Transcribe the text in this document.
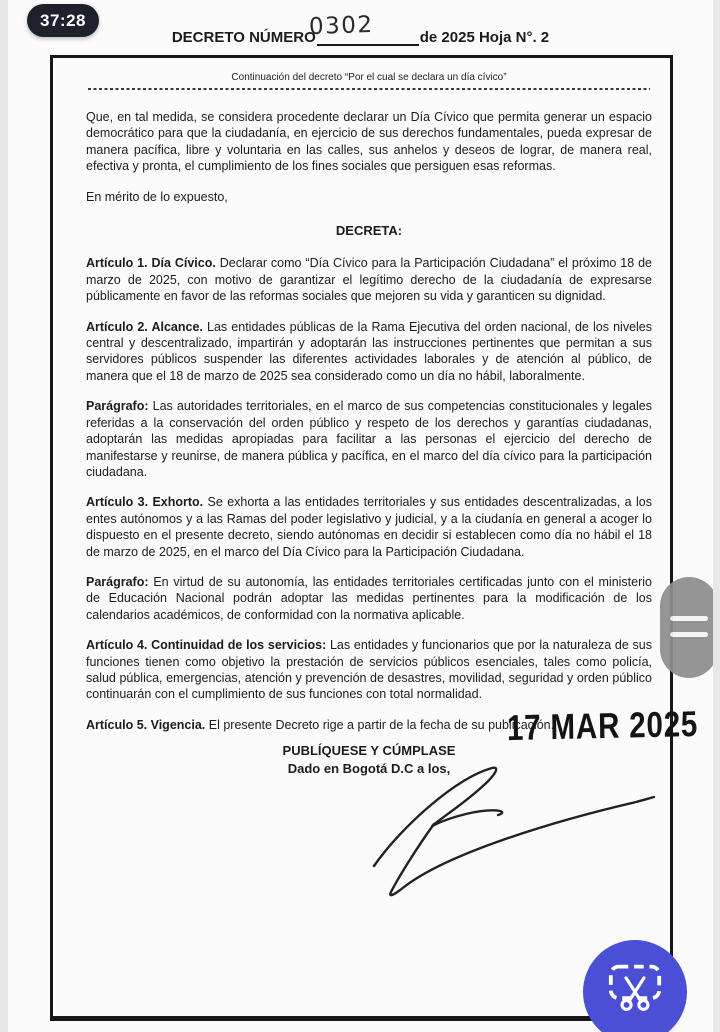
37:28
DECRETO NÚMERO
0302	de 2025 Hoja N°. 2
Continuación del decreto “Por el cual se declara un día cívico”

Que, en tal medida, se considera procedente declarar un Día Cívico que permita generar un espacio democrático para que la ciudadanía, en ejercicio de sus derechos fundamentales, pueda expresar de manera pacífica, libre y voluntaria en las calles, sus anhelos y deseos de lograr, de manera real, efectiva y pronta, el cumplimiento de los fines sociales que persiguen esas reformas.

En mérito de lo expuesto,

DECRETA:

Artículo 1. Día Cívico. Declarar como “Día Cívico para la Participación Ciudadana” el próximo 18 de marzo de 2025, con motivo de garantizar el legítimo derecho de la ciudadanía de expresarse públicamente en favor de las reformas sociales que mejoren su vida y garanticen su dignidad.

Artículo 2. Alcance. Las entidades públicas de la Rama Ejecutiva del orden nacional, de los niveles central y descentralizado, impartirán y adoptarán las instrucciones pertinentes que permitan a sus servidores públicos suspender las diferentes actividades laborales y de atención al público, de manera que el 18 de marzo de 2025 sea considerado como un día no hábil, laboralmente.

Parágrafo: Las autoridades territoriales, en el marco de sus competencias constitucionales y legales referidas a la conservación del orden público y respeto de los derechos y garantías ciudadanas, adoptarán las medidas apropiadas para facilitar a las personas el ejercicio del derecho de manifestarse y reunirse, de manera pública y pacífica, en el marco del día cívico para la participación ciudadana.

Artículo 3. Exhorto. Se exhorta a las entidades territoriales y sus entidades descentralizadas, a los entes autónomos y a las Ramas del poder legislativo y judicial, y a la ciudanía en general a acoger lo dispuesto en el presente decreto, siendo autónomas en decidir si establecen como día no hábil el 18 de marzo de 2025, en el marco del Día Cívico para la Participación Ciudadana.

Parágrafo: En virtud de su autonomía, las entidades territoriales certificadas junto con el ministerio de Educación Nacional podrán adoptar las medidas pertinentes para la modificación de los calendarios académicos, de conformidad con la normativa aplicable.

Artículo 4. Continuidad de los servicios: Las entidades y funcionarios que por la naturaleza de sus funciones tienen como objetivo la prestación de servicios públicos esenciales, tales como policía, salud pública, emergencias, atención y prevención de desastres, movilidad, seguridad y orden público continuarán con el cumplimiento de sus funciones con total normalidad.

Artículo 5. Vigencia. El presente Decreto rige a partir de la fecha de su publicación.

PUBLÍQUESE Y CÚMPLASE
Dado en Bogotá D.C a los,
17 MAR 2025
